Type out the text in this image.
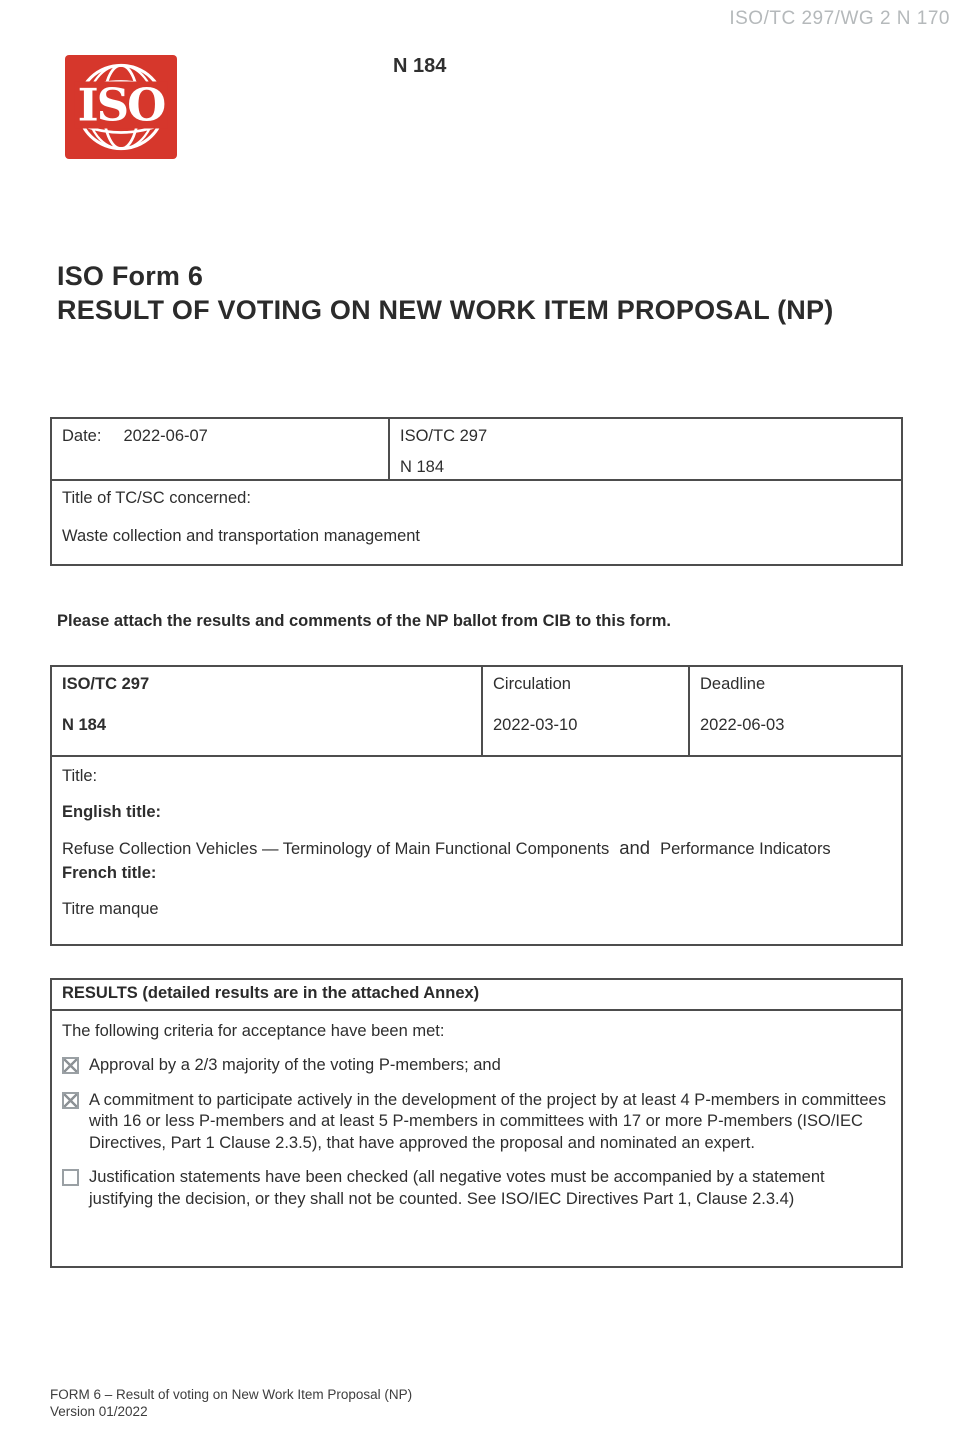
ISO/TC 297/WG 2 N 170
ISO
N 184
ISO Form 6
RESULT OF VOTING ON NEW WORK ITEM PROPOSAL (NP)
Date: 2022-06-07	ISO/TC 297
N 184
Title of TC/SC concerned:
Waste collection and transportation management
Please attach the results and comments of the NP ballot from CIB to this form.
ISO/TC 297
N 184
Circulation
2022-03-10
Deadline
2022-06-03

Title:

English title:

Refuse Collection Vehicles — Terminology of Main Functional Components and Performance Indicators

French title:

Titre manque

RESULTS (detailed results are in the attached Annex)
The following criteria for acceptance have been met:
Approval by a 2/3 majority of the voting P-members; and
A commitment to participate actively in the development of the project by at least 4 P-members in committees with 16 or less P-members and at least 5 P-members in committees with 17 or more P-members (ISO/IEC Directives, Part 1 Clause 2.3.5), that have approved the proposal and nominated an expert.
Justification statements have been checked (all negative votes must be accompanied by a statement justifying the decision, or they shall not be counted. See ISO/IEC Directives Part 1, Clause 2.3.4)
FORM 6 – Result of voting on New Work Item Proposal (NP)
Version 01/2022
